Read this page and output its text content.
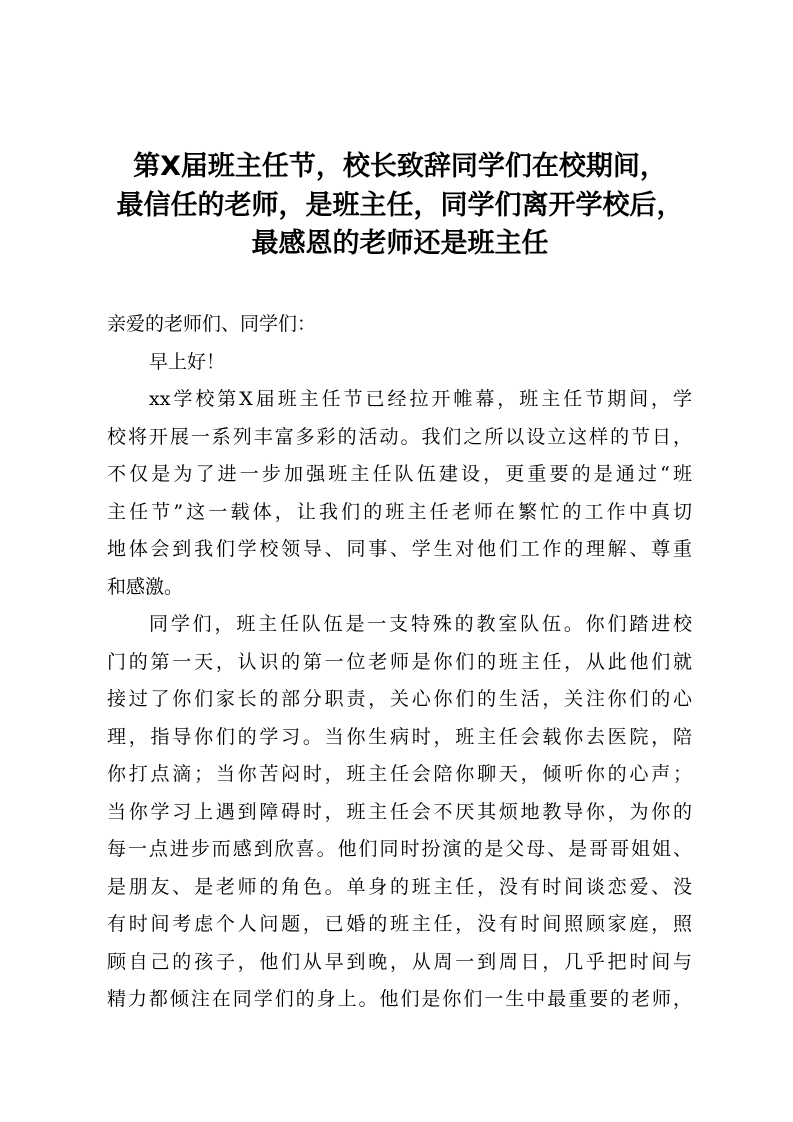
第X届班主任节，校长致辞同学们在校期间，
最信任的老师，是班主任，同学们离开学校后，
最感恩的老师还是班主任
亲爱的老师们、同学们：
早上好！
xx学校第X届班主任节已经拉开帷幕，班主任节期间，学
校将开展一系列丰富多彩的活动。我们之所以设立这样的节日，
不仅是为了进一步加强班主任队伍建设，更重要的是通过“班
主任节”这一载体，让我们的班主任老师在繁忙的工作中真切
地体会到我们学校领导、同事、学生对他们工作的理解、尊重
和感激。
同学们，班主任队伍是一支特殊的教室队伍。你们踏进校
门的第一天，认识的第一位老师是你们的班主任，从此他们就
接过了你们家长的部分职责，关心你们的生活，关注你们的心
理，指导你们的学习。当你生病时，班主任会载你去医院，陪
你打点滴；当你苦闷时，班主任会陪你聊天，倾听你的心声；
当你学习上遇到障碍时，班主任会不厌其烦地教导你，为你的
每一点进步而感到欣喜。他们同时扮演的是父母、是哥哥姐姐、
是朋友、是老师的角色。单身的班主任，没有时间谈恋爱、没
有时间考虑个人问题，已婚的班主任，没有时间照顾家庭，照
顾自己的孩子，他们从早到晚，从周一到周日，几乎把时间与
精力都倾注在同学们的身上。他们是你们一生中最重要的老师，
